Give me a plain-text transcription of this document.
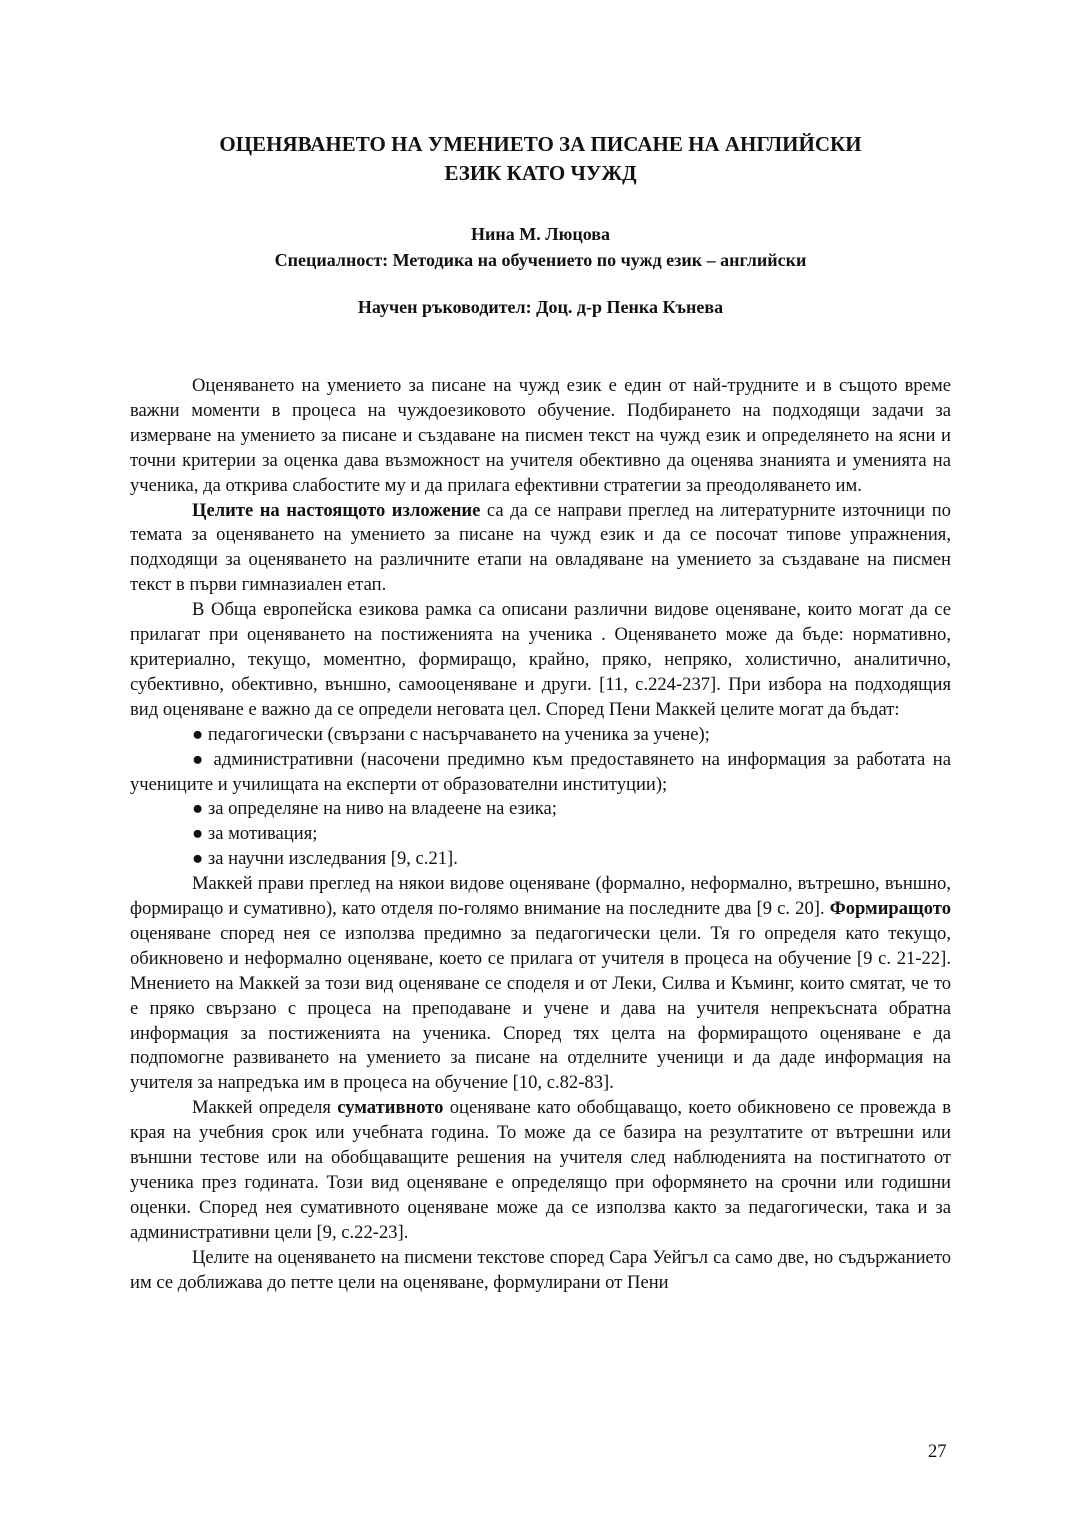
ОЦЕНЯВАНЕТО НА УМЕНИЕТО ЗА ПИСАНЕ НА АНГЛИЙСКИ
ЕЗИК КАТО ЧУЖД
Нина М. Люцова
Специалност: Методика на обучението по чужд език – английски
Научен ръководител: Доц. д-р Пенка Кънева

Оценяването на умението за писане на чужд език е един от най-трудните и в същото време важни моменти в процеса на чуждоезиковото обучение. Подбирането на подходящи задачи за измерване на умението за писане и създаване на писмен текст на чужд език и определянето на ясни и точни критерии за оценка дава възможност на учителя обективно да оценява знанията и уменията на ученика, да открива слабостите му и да прилага ефективни стратегии за преодоляването им.

Целите на настоящото изложение са да се направи преглед на литературните източници по темата за оценяването на умението за писане на чужд език и да се посочат типове упражнения, подходящи за оценяването на различните етапи на овладяване на умението за създаване на писмен текст в първи гимназиален етап.

В Обща европейска езикова рамка са описани различни видове оценяване, които могат да се прилагат при оценяването на постиженията на ученика . Оценяването може да бъде: нормативно, критериално, текущо, моментно, формиращо, крайно, пряко, непряко, холистично, аналитично, субективно, обективно, външно, самооценяване и други. [11, с.224-237]. При избора на подходящия вид оценяване е важно да се определи неговата цел. Според Пени Маккей целите могат да бъдат:

● педагогически (свързани с насърчаването на ученика за учене);

● административни (насочени предимно към предоставянето на информация за работата на учениците и училищата на експерти от образователни институции);

● за определяне на ниво на владеене на езика;

● за мотивация;

● за научни изследвания [9, с.21].

Маккей прави преглед на някои видове оценяване (формално, неформално, вътрешно, външно, формиращо и сумативно), като отделя по-голямо внимание на последните два [9 с. 20]. Формиращото оценяване според нея се използва предимно за педагогически цели. Тя го определя като текущо, обикновено и неформално оценяване, което се прилага от учителя в процеса на обучение [9 с. 21-22]. Мнението на Маккей за този вид оценяване се споделя и от Леки, Силва и Къминг, които смятат, че то е пряко свързано с процеса на преподаване и учене и дава на учителя непрекъсната обратна информация за постиженията на ученика. Според тях целта на формиращото оценяване е да подпомогне развиването на умението за писане на отделните ученици и да даде информация на учителя за напредъка им в процеса на обучение [10, с.82-83].

Маккей определя сумативното оценяване като обобщаващо, което обикновено се провежда в края на учебния срок или учебната година. То може да се базира на резултатите от вътрешни или външни тестове или на обобщаващите решения на учителя след наблюденията на постигнатото от ученика през годината. Този вид оценяване е определящо при оформянето на срочни или годишни оценки. Според нея сумативното оценяване може да се използва както за педагогически, така и за административни цели [9, с.22-23].

Целите на оценяването на писмени текстове според Сара Уейгъл са само две, но съдържанието им се доближава до петте цели на оценяване, формулирани от Пени

27
